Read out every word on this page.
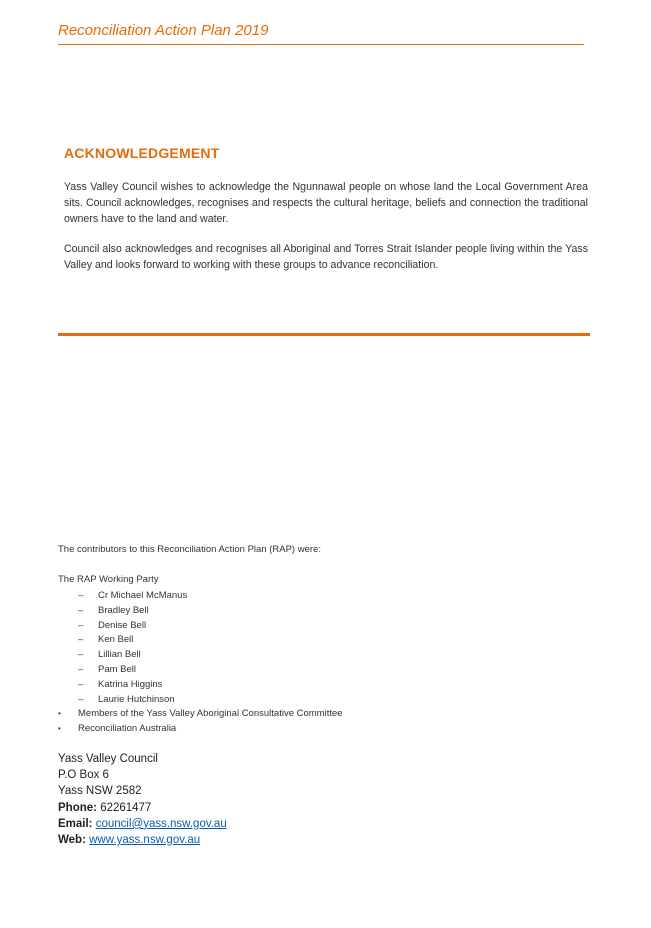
Reconciliation Action Plan 2019
ACKNOWLEDGEMENT
Yass Valley Council wishes to acknowledge the Ngunnawal people on whose land the Local Government Area sits. Council acknowledges, recognises and respects the cultural heritage, beliefs and connection the traditional owners have to the land and water.
Council also acknowledges and recognises all Aboriginal and Torres Strait Islander people living within the Yass Valley and looks forward to working with these groups to advance reconciliation.
The contributors to this Reconciliation Action Plan (RAP) were:
The RAP Working Party
– Cr Michael McManus
– Bradley Bell
– Denise Bell
– Ken Bell
– Lillian Bell
– Pam Bell
– Katrina Higgins
– Laurie Hutchinson
• Members of the Yass Valley Aboriginal Consultative Committee
• Reconciliation Australia
Yass Valley Council
P.O Box 6
Yass NSW 2582
Phone: 62261477
Email: council@yass.nsw.gov.au
Web: www.yass.nsw.gov.au
